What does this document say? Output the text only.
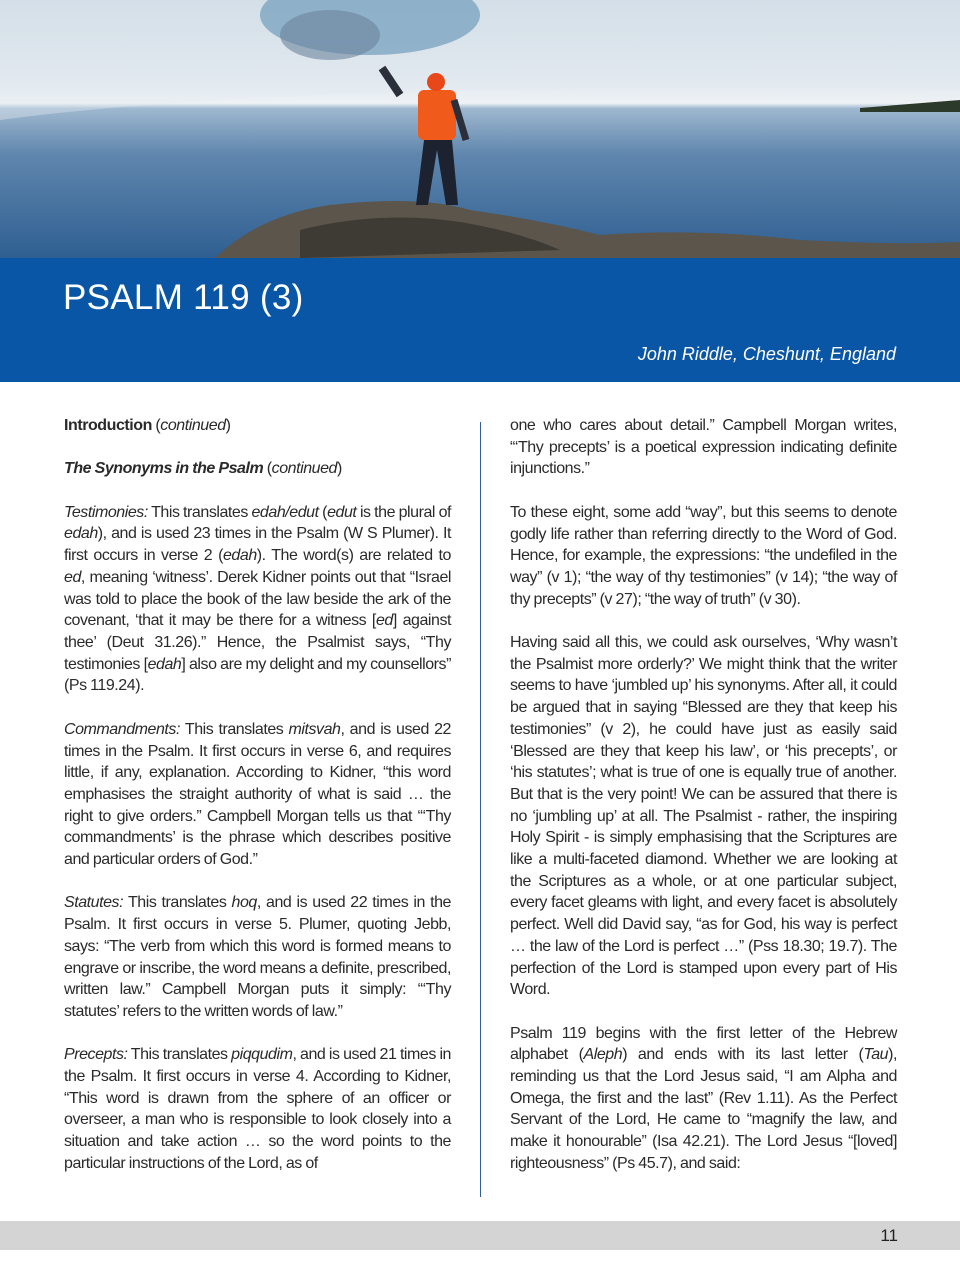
PSALM 119 (3)
John Riddle, Cheshunt, England

Introduction (continued)

The Synonyms in the Psalm (continued)

Testimonies: This translates edah/edut (edut is the plural of edah), and is used 23 times in the Psalm (W S Plumer). It first occurs in verse 2 (edah). The word(s) are related to ed, meaning ‘witness’. Derek Kidner points out that “Israel was told to place the book of the law beside the ark of the covenant, ‘that it may be there for a witness [ed] against thee’ (Deut 31.26).” Hence, the Psalmist says, “Thy testimonies [edah] also are my delight and my counsellors” (Ps 119.24).

Commandments: This translates mitsvah, and is used 22 times in the Psalm. It first occurs in verse 6, and requires little, if any, explanation. According to Kidner, “this word emphasises the straight authority of what is said … the right to give orders.” Campbell Morgan tells us that “‘Thy commandments’ is the phrase which describes positive and particular orders of God.”

Statutes: This translates hoq, and is used 22 times in the Psalm. It first occurs in verse 5. Plumer, quoting Jebb, says: “The verb from which this word is formed means to engrave or inscribe, the word means a definite, prescribed, written law.” Campbell Morgan puts it simply: “‘Thy statutes’ refers to the written words of law.”

Precepts: This translates piqqudim, and is used 21 times in the Psalm. It first occurs in verse 4. According to Kidner, “This word is drawn from the sphere of an officer or overseer, a man who is responsible to look closely into a situation and take action … so the word points to the particular instructions of the Lord, as of

one who cares about detail.” Campbell Morgan writes, “‘Thy precepts’ is a poetical expression indicating definite injunctions.”

To these eight, some add “way”, but this seems to denote godly life rather than referring directly to the Word of God. Hence, for example, the expressions: “the undefiled in the way” (v 1); “the way of thy testimonies” (v 14); “the way of thy precepts” (v 27); “the way of truth” (v 30).

Having said all this, we could ask ourselves, ‘Why wasn’t the Psalmist more orderly?’ We might think that the writer seems to have ‘jumbled up’ his synonyms. After all, it could be argued that in saying “Blessed are they that keep his testimonies” (v 2), he could have just as easily said ‘Blessed are they that keep his law’, or ‘his precepts’, or ‘his statutes’; what is true of one is equally true of another. But that is the very point! We can be assured that there is no ‘jumbling up’ at all. The Psalmist - rather, the inspiring Holy Spirit - is simply emphasising that the Scriptures are like a multi-faceted diamond. Whether we are looking at the Scriptures as a whole, or at one particular subject, every facet gleams with light, and every facet is absolutely perfect. Well did David say, “as for God, his way is perfect … the law of the Lord is perfect …” (Pss 18.30; 19.7). The perfection of the Lord is stamped upon every part of His Word.

Psalm 119 begins with the first letter of the Hebrew alphabet (Aleph) and ends with its last letter (Tau), reminding us that the Lord Jesus said, “I am Alpha and Omega, the first and the last” (Rev 1.11). As the Perfect Servant of the Lord, He came to “magnify the law, and make it honourable” (Isa 42.21). The Lord Jesus “[loved] righteousness” (Ps 45.7), and said:

11
